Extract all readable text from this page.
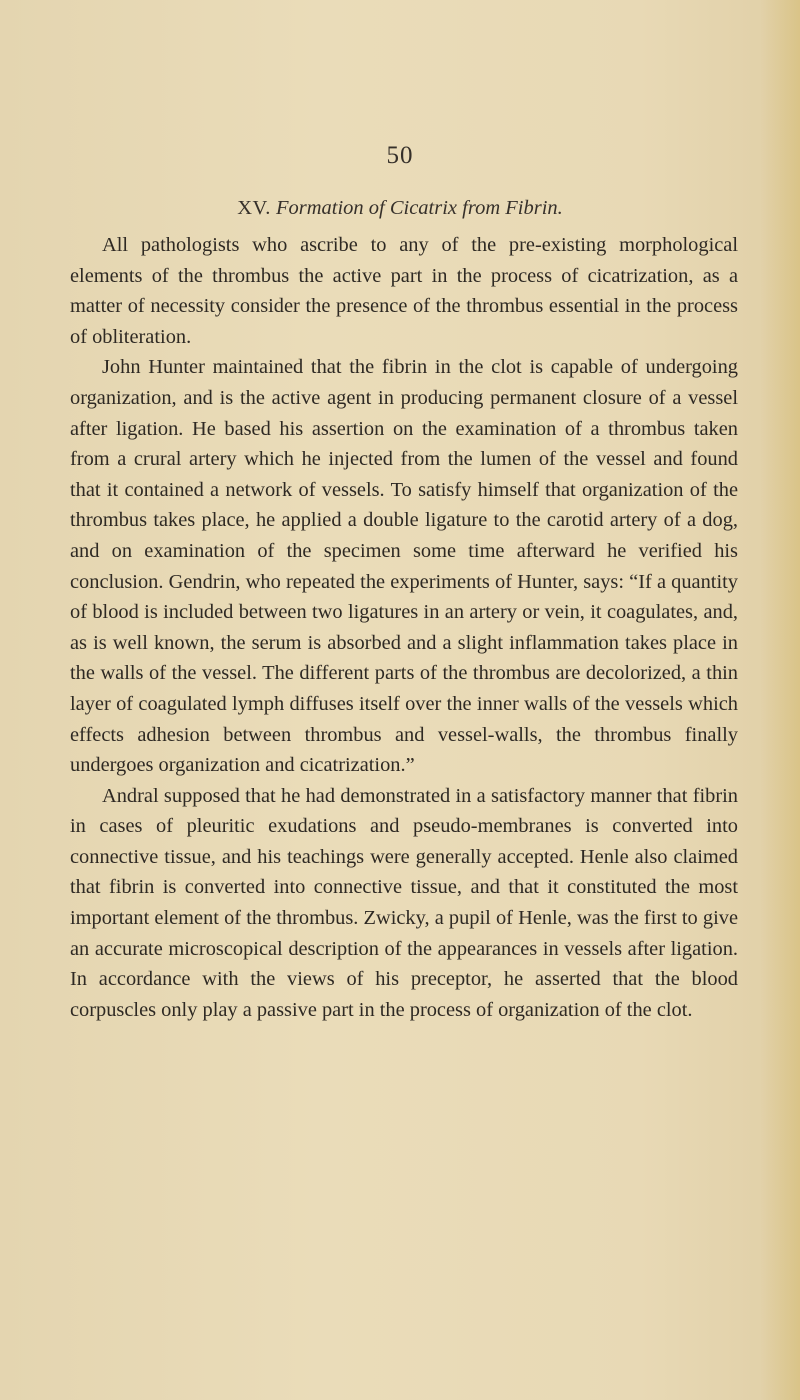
50
XV. Formation of Cicatrix from Fibrin.

All pathologists who ascribe to any of the pre-existing morphological elements of the thrombus the active part in the process of cicatrization, as a matter of necessity consider the presence of the thrombus essential in the process of obliteration.

John Hunter maintained that the fibrin in the clot is capable of undergoing organization, and is the active agent in producing permanent closure of a vessel after ligation. He based his assertion on the examination of a thrombus taken from a crural artery which he injected from the lumen of the vessel and found that it contained a network of vessels. To satisfy himself that organization of the thrombus takes place, he applied a double ligature to the carotid artery of a dog, and on examination of the specimen some time afterward he verified his conclusion. Gendrin, who repeated the experiments of Hunter, says: “If a quantity of blood is included between two ligatures in an artery or vein, it coagulates, and, as is well known, the serum is absorbed and a slight inflammation takes place in the walls of the vessel. The different parts of the thrombus are decolorized, a thin layer of coagulated lymph diffuses itself over the inner walls of the vessels which effects adhesion between thrombus and vessel-walls, the thrombus finally undergoes organization and cicatrization.”

Andral supposed that he had demonstrated in a satisfactory manner that fibrin in cases of pleuritic exudations and pseudo-membranes is converted into connective tissue, and his teachings were generally accepted. Henle also claimed that fibrin is converted into connective tissue, and that it constituted the most important element of the thrombus. Zwicky, a pupil of Henle, was the first to give an accurate microscopical description of the appearances in vessels after ligation. In accordance with the views of his preceptor, he asserted that the blood corpuscles only play a passive part in the process of organization of the clot.
